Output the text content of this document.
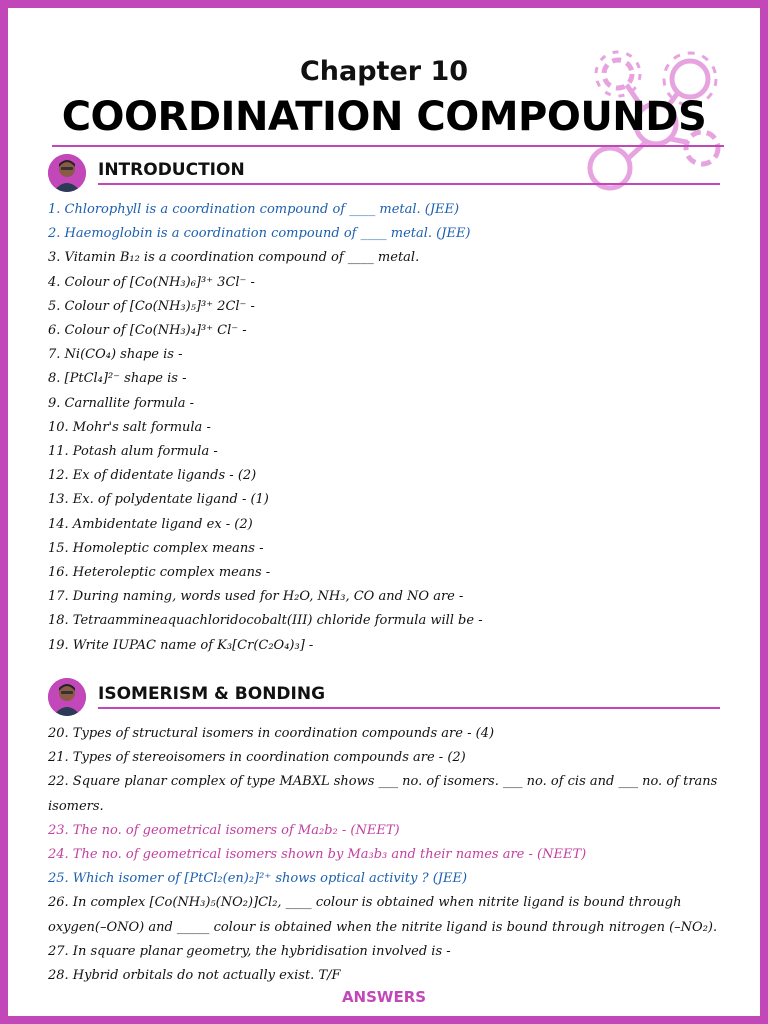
Chapter 10
COORDINATION COMPOUNDS
INTRODUCTION
1. Chlorophyll is a coordination compound of ____ metal. (JEE)
2. Haemoglobin is a coordination compound of ____ metal. (JEE)
3. Vitamin B₁₂ is a coordination compound of ____ metal.
4. Colour of [Co(NH₃)₆]³⁺ 3Cl⁻ -
5. Colour of [Co(NH₃)₅]³⁺ 2Cl⁻ -
6. Colour of [Co(NH₃)₄]³⁺ Cl⁻ -
7. Ni(CO₄) shape is -
8. [PtCl₄]²⁻ shape is -
9. Carnallite formula -
10. Mohr's salt formula -
11. Potash alum formula -
12. Ex of didentate ligands - (2)
13. Ex. of polydentate ligand - (1)
14. Ambidentate ligand ex - (2)
15. Homoleptic complex means -
16. Heteroleptic complex means -
17. During naming, words used for H₂O, NH₃, CO and NO are -
18. Tetraammineaquachloridocobalt(III) chloride formula will be -
19. Write IUPAC name of K₃[Cr(C₂O₄)₃] -
ISOMERISM & BONDING
20. Types of structural isomers in coordination compounds are - (4)
21. Types of stereoisomers in coordination compounds are - (2)
22. Square planar complex of type MABXL shows ___ no. of isomers. ___ no. of cis and ___ no. of trans isomers.
23. The no. of geometrical isomers of Ma₂b₂ - (NEET)
24. The no. of geometrical isomers shown by Ma₃b₃ and their names are - (NEET)
25. Which isomer of [PtCl₂(en)₂]²⁺ shows optical activity ? (JEE)
26. In complex [Co(NH₃)₅(NO₂)]Cl₂, ____ colour is obtained when nitrite ligand is bound through oxygen(–ONO) and _____ colour is obtained when the nitrite ligand is bound through nitrogen (–NO₂).
27. In square planar geometry, the hybridisation involved is -
28. Hybrid orbitals do not actually exist. T/F
ANSWERS
